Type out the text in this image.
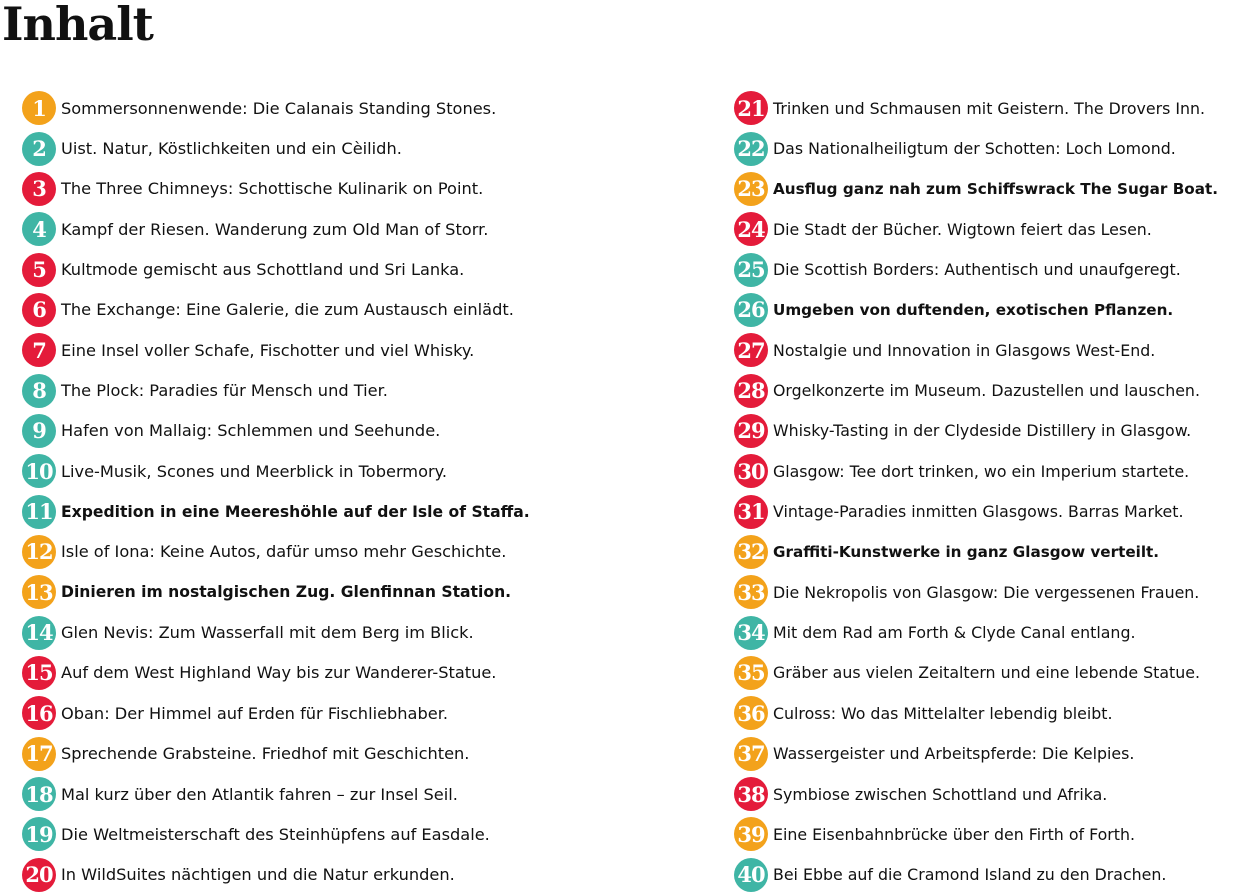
Inhalt
1 Sommersonnenwende: Die Calanais Standing Stones.
2 Uist. Natur, Köstlichkeiten und ein Cèilidh.
3 The Three Chimneys: Schottische Kulinarik on Point.
4 Kampf der Riesen. Wanderung zum Old Man of Storr.
5 Kultmode gemischt aus Schottland und Sri Lanka.
6 The Exchange: Eine Galerie, die zum Austausch einlädt.
7 Eine Insel voller Schafe, Fischotter und viel Whisky.
8 The Plock: Paradies für Mensch und Tier.
9 Hafen von Mallaig: Schlemmen und Seehunde.
10 Live-Musik, Scones und Meerblick in Tobermory.
11 Expedition in eine Meereshöhle auf der Isle of Staffa.
12 Isle of Iona: Keine Autos, dafür umso mehr Geschichte.
13 Dinieren im nostalgischen Zug. Glenfinnan Station.
14 Glen Nevis: Zum Wasserfall mit dem Berg im Blick.
15 Auf dem West Highland Way bis zur Wanderer-Statue.
16 Oban: Der Himmel auf Erden für Fischliebhaber.
17 Sprechende Grabsteine. Friedhof mit Geschichten.
18 Mal kurz über den Atlantik fahren – zur Insel Seil.
19 Die Weltmeisterschaft des Steinhüpfens auf Easdale.
20 In WildSuites nächtigen und die Natur erkunden.
21 Trinken und Schmausen mit Geistern. The Drovers Inn.
22 Das Nationalheiligtum der Schotten: Loch Lomond.
23 Ausflug ganz nah zum Schiffswrack The Sugar Boat.
24 Die Stadt der Bücher. Wigtown feiert das Lesen.
25 Die Scottish Borders: Authentisch und unaufgeregt.
26 Umgeben von duftenden, exotischen Pflanzen.
27 Nostalgie und Innovation in Glasgows West-End.
28 Orgelkonzerte im Museum. Dazustellen und lauschen.
29 Whisky-Tasting in der Clydeside Distillery in Glasgow.
30 Glasgow: Tee dort trinken, wo ein Imperium startete.
31 Vintage-Paradies inmitten Glasgows. Barras Market.
32 Graffiti-Kunstwerke in ganz Glasgow verteilt.
33 Die Nekropolis von Glasgow: Die vergessenen Frauen.
34 Mit dem Rad am Forth & Clyde Canal entlang.
35 Gräber aus vielen Zeitaltern und eine lebende Statue.
36 Culross: Wo das Mittelalter lebendig bleibt.
37 Wassergeister und Arbeitspferde: Die Kelpies.
38 Symbiose zwischen Schottland und Afrika.
39 Eine Eisenbahnbrücke über den Firth of Forth.
40 Bei Ebbe auf die Cramond Island zu den Drachen.
